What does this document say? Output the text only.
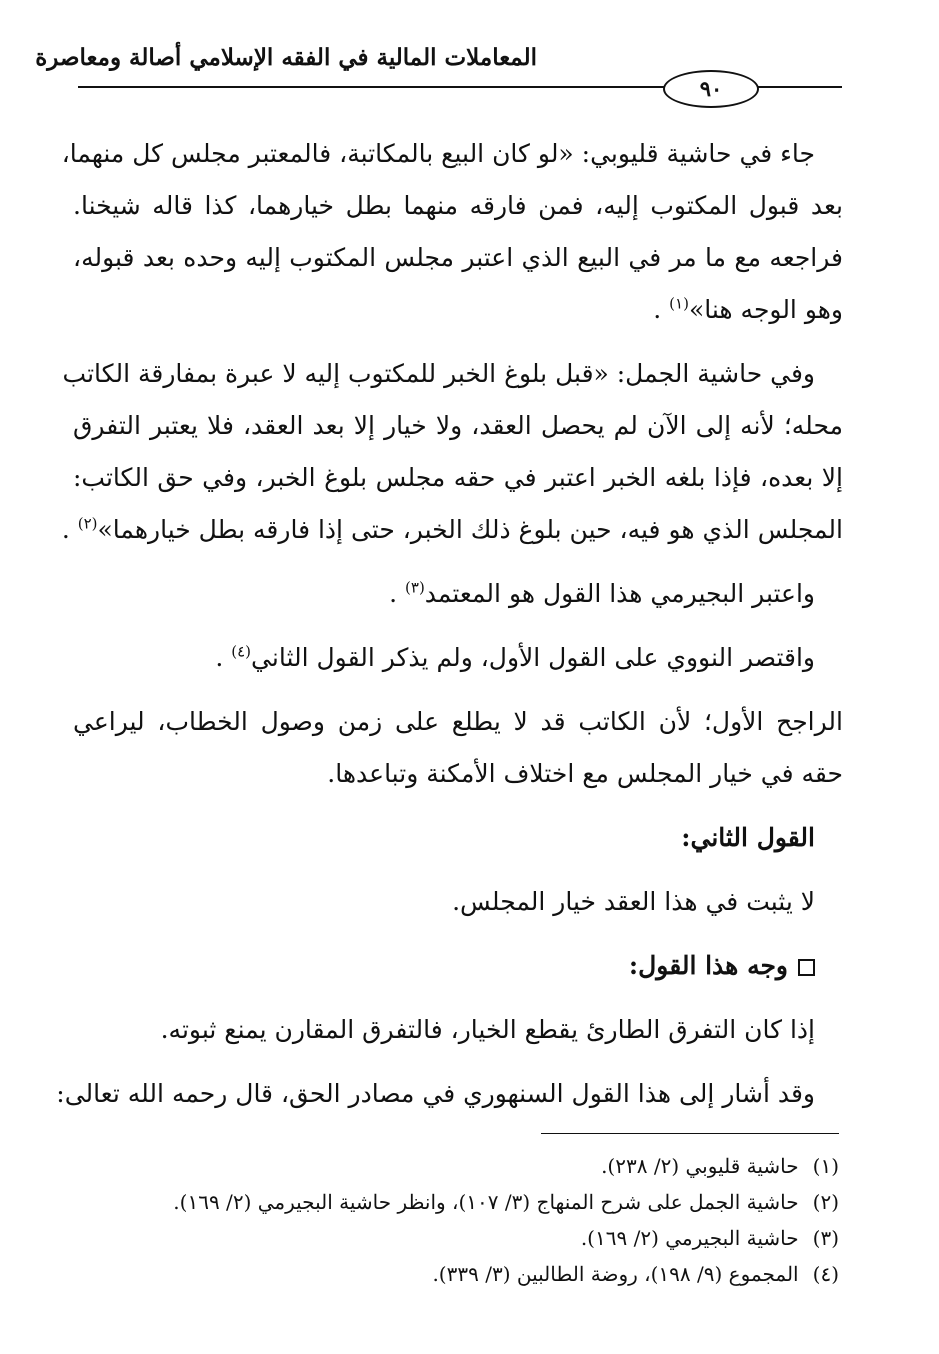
المعاملات المالية في الفقه الإسلامي أصالة ومعاصرة
٩٠
جاء في حاشية قليوبي: «لو كان البيع بالمكاتبة، فالمعتبر مجلس كل منهما،
بعد قبول المكتوب إليه، فمن فارقه منهما بطل خيارهما، كذا قاله شيخنا.
فراجعه مع ما مر في البيع الذي اعتبر مجلس المكتوب إليه وحده بعد قبوله،
وهو الوجه هنا»$^{(١)}$ .
وفي حاشية الجمل: «قبل بلوغ الخبر للمكتوب إليه لا عبرة بمفارقة الكاتب
محله؛ لأنه إلى الآن لم يحصل العقد، ولا خيار إلا بعد العقد، فلا يعتبر التفرق
إلا بعده، فإذا بلغه الخبر اعتبر في حقه مجلس بلوغ الخبر، وفي حق الكاتب:
المجلس الذي هو فيه، حين بلوغ ذلك الخبر، حتى إذا فارقه بطل خيارهما»$^{(٢)}$ .
واعتبر البجيرمي هذا القول هو المعتمد$^{(٣)}$ .
واقتصر النووي على القول الأول، ولم يذكر القول الثاني$^{(٤)}$ .
الراجح الأول؛ لأن الكاتب قد لا يطلع على زمن وصول الخطاب، ليراعي
حقه في خيار المجلس مع اختلاف الأمكنة وتباعدها.
القول الثاني:
لا يثبت في هذا العقد خيار المجلس.
وجه هذا القول:
إذا كان التفرق الطارئ يقطع الخيار، فالتفرق المقارن يمنع ثبوته.
وقد أشار إلى هذا القول السنهوري في مصادر الحق، قال رحمه الله تعالى:
(١)حاشية قليوبي (٢/ ٢٣٨).
(٢)حاشية الجمل على شرح المنهاج (٣/ ١٠٧)، وانظر حاشية البجيرمي (٢/ ١٦٩).
(٣)حاشية البجيرمي (٢/ ١٦٩).
(٤)المجموع (٩/ ١٩٨)، روضة الطالبين (٣/ ٣٣٩).
